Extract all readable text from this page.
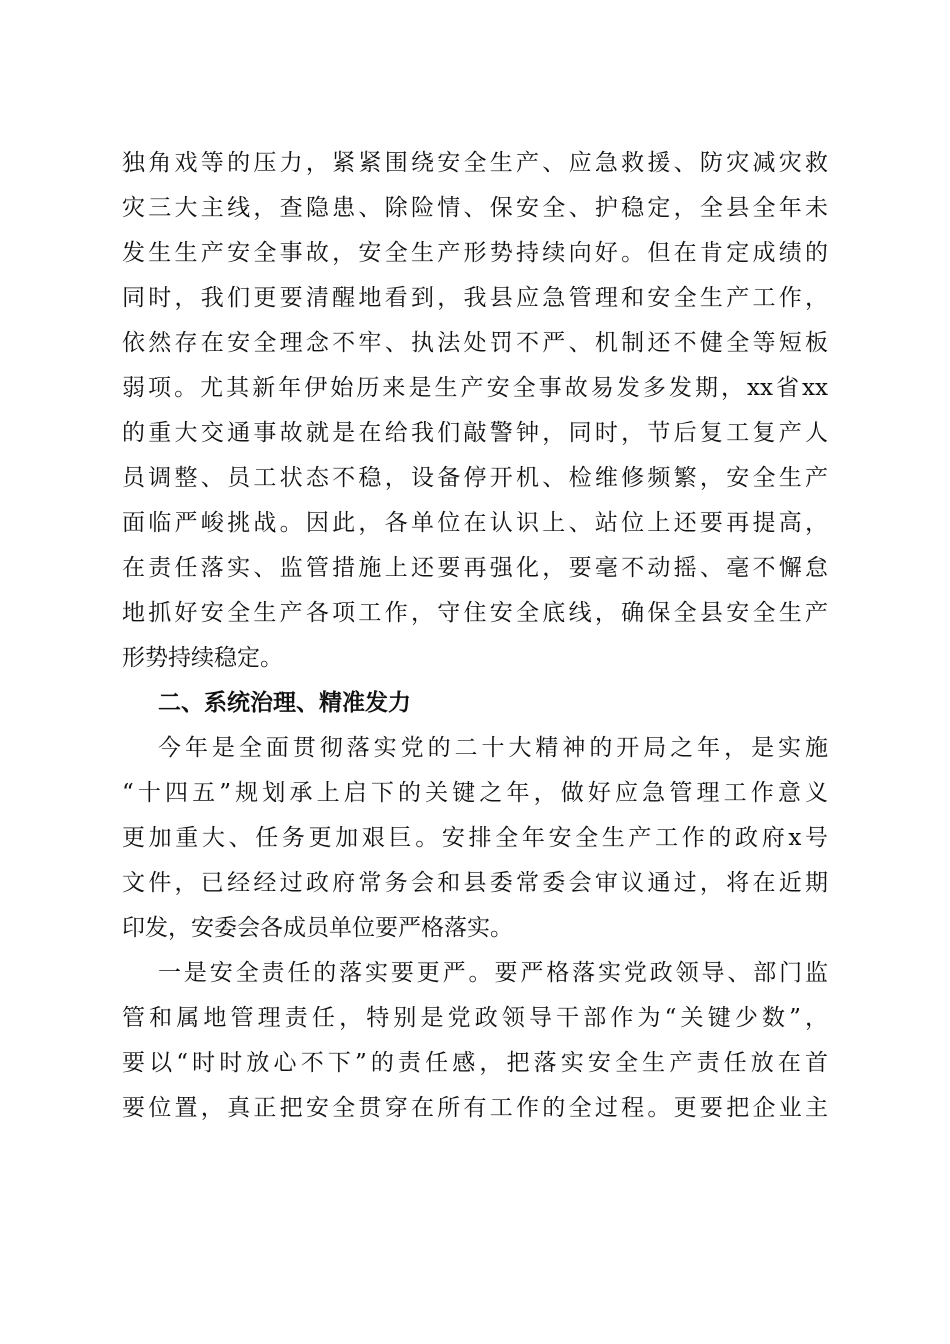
独角戏等的压力，紧紧围绕安全生产、应急救援、防灾减灾救
灾三大主线，查隐患、除险情、保安全、护稳定，全县全年未
发生生产安全事故，安全生产形势持续向好。但在肯定成绩的
同时，我们更要清醒地看到，我县应急管理和安全生产工作，
依然存在安全理念不牢、执法处罚不严、机制还不健全等短板
弱项。尤其新年伊始历来是生产安全事故易发多发期，xx省xx
的重大交通事故就是在给我们敲警钟，同时，节后复工复产人
员调整、员工状态不稳，设备停开机、检维修频繁，安全生产
面临严峻挑战。因此，各单位在认识上、站位上还要再提高，
在责任落实、监管措施上还要再强化，要毫不动摇、毫不懈怠
地抓好安全生产各项工作，守住安全底线，确保全县安全生产
形势持续稳定。
二、系统治理、精准发力
今年是全面贯彻落实党的二十大精神的开局之年，是实施
“十四五”规划承上启下的关键之年，做好应急管理工作意义
更加重大、任务更加艰巨。安排全年安全生产工作的政府x号
文件，已经经过政府常务会和县委常委会审议通过，将在近期
印发，安委会各成员单位要严格落实。
一是安全责任的落实要更严。要严格落实党政领导、部门监
管和属地管理责任，特别是党政领导干部作为“关键少数”，
要以“时时放心不下”的责任感，把落实安全生产责任放在首
要位置，真正把安全贯穿在所有工作的全过程。更要把企业主
